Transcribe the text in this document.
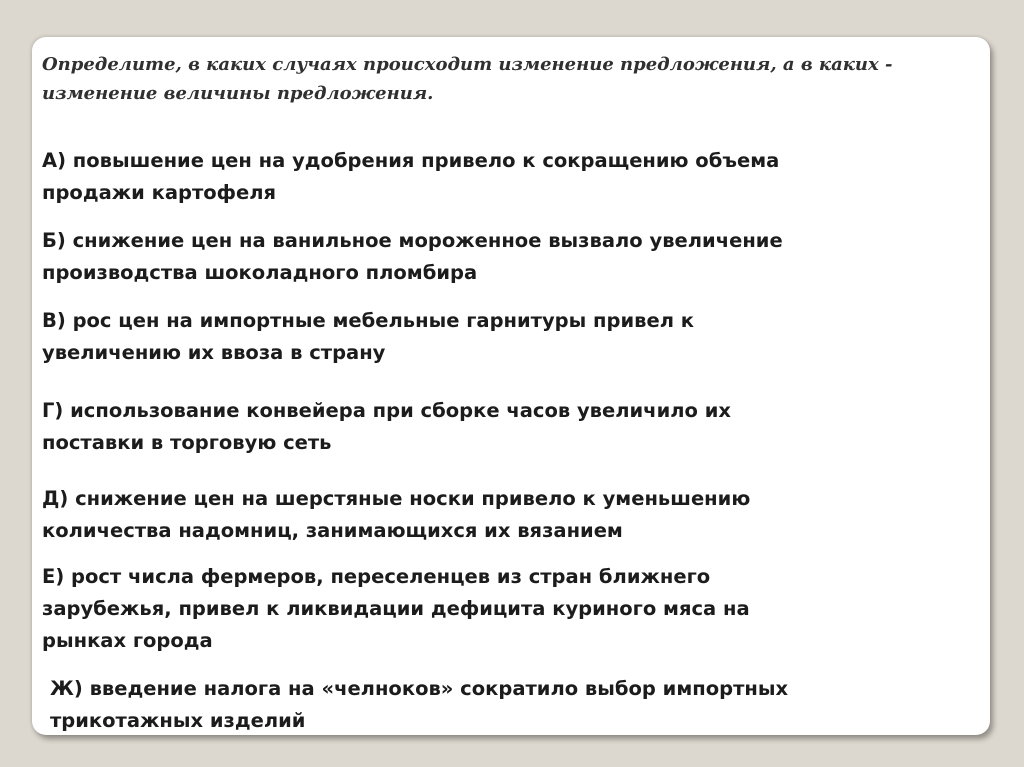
Определите, в каких случаях происходит изменение предложения, а в каких -
изменение величины предложения.

А) повышение цен на удобрения привело к сокращению объема
продажи картофеля

Б) снижение цен на ванильное мороженное вызвало увеличение
производства шоколадного пломбира

В) рос цен на импортные мебельные гарнитуры привел к
увеличению их ввоза в страну

Г) использование конвейера при сборке часов увеличило их
поставки в торговую сеть

Д) снижение цен на шерстяные носки привело к уменьшению
количества надомниц, занимающихся их вязанием

Е) рост числа фермеров, переселенцев из стран ближнего
зарубежья, привел к ликвидации дефицита куриного мяса на
рынках города

Ж) введение налога на «челноков» сократило выбор импортных
трикотажных изделий
